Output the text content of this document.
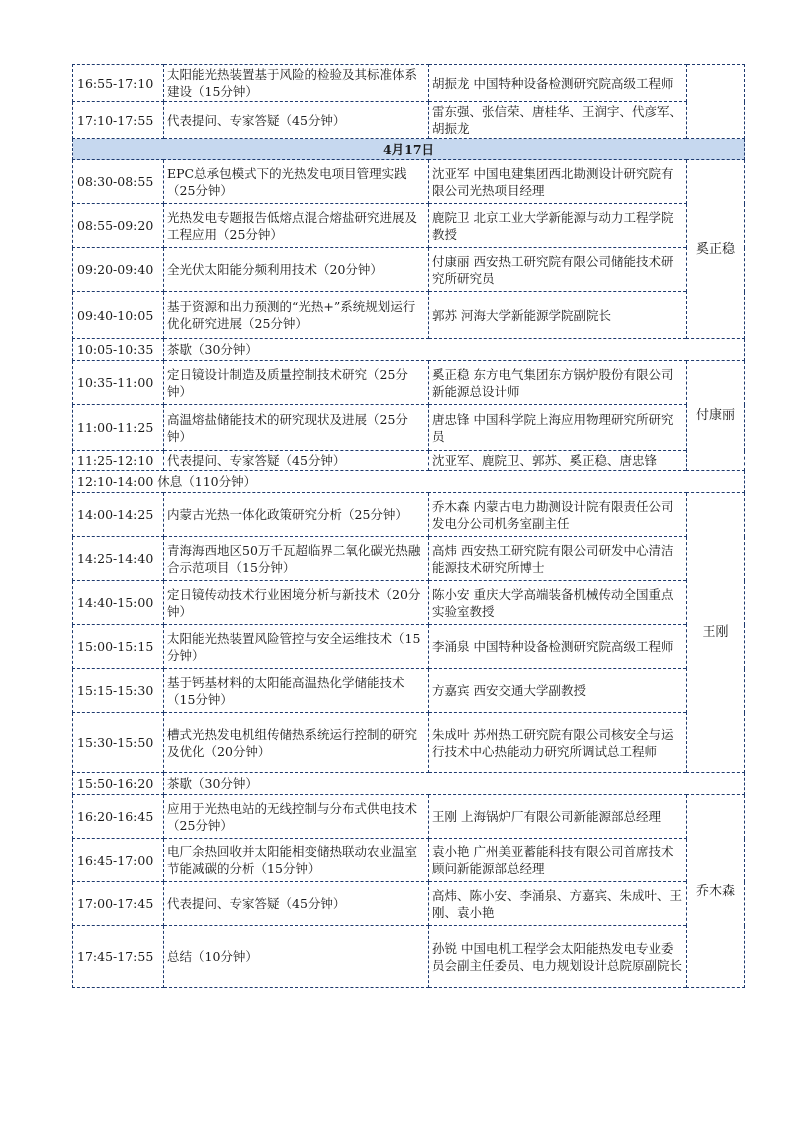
16:55-17:10	太阳能光热装置基于风险的检验及其标准体系建设（15分钟）	胡振龙 中国特种设备检测研究院高级工程师	
17:10-17:55	代表提问、专家答疑（45分钟）	雷东强、张信荣、唐桂华、王润宇、代彦军、胡振龙	
4月17日			
08:30-08:55	EPC总承包模式下的光热发电项目管理实践（25分钟）	沈亚军 中国电建集团西北勘测设计研究院有限公司光热项目经理	奚正稳
08:55-09:20	光热发电专题报告低熔点混合熔盐研究进展及工程应用（25分钟）	鹿院卫 北京工业大学新能源与动力工程学院教授	
09:20-09:40	全光伏太阳能分频利用技术（20分钟）	付康丽 西安热工研究院有限公司储能技术研究所研究员	
09:40-10:05	基于资源和出力预测的“光热+”系统规划运行优化研究进展（25分钟）	郭苏 河海大学新能源学院副院长	
10:05-10:35	茶歇（30分钟）		
10:35-11:00	定日镜设计制造及质量控制技术研究（25分钟）	奚正稳 东方电气集团东方锅炉股份有限公司新能源总设计师	付康丽
11:00-11:25	高温熔盐储能技术的研究现状及进展（25分钟）	唐忠锋 中国科学院上海应用物理研究所研究员	
11:25-12:10	代表提问、专家答疑（45分钟）	沈亚军、鹿院卫、郭苏、奚正稳、唐忠锋	
12:10-14:00 休息（110分钟）			
14:00-14:25	内蒙古光热一体化政策研究分析（25分钟）	乔木森 内蒙古电力勘测设计院有限责任公司发电分公司机务室副主任	王刚
14:25-14:40	青海海西地区50万千瓦超临界二氧化碳光热融合示范项目（15分钟）	高炜 西安热工研究院有限公司研发中心清洁能源技术研究所博士	
14:40-15:00	定日镜传动技术行业困境分析与新技术（20分钟）	陈小安 重庆大学高端装备机械传动全国重点实验室教授	
15:00-15:15	太阳能光热装置风险管控与安全运维技术（15分钟）	李涌泉 中国特种设备检测研究院高级工程师	
15:15-15:30	基于钙基材料的太阳能高温热化学储能技术（15分钟）	方嘉宾 西安交通大学副教授	
15:30-15:50	槽式光热发电机组传储热系统运行控制的研究及优化（20分钟）	朱成叶 苏州热工研究院有限公司核安全与运行技术中心热能动力研究所调试总工程师	
15:50-16:20	茶歇（30分钟）		
16:20-16:45	应用于光热电站的无线控制与分布式供电技术（25分钟）	王刚 上海锅炉厂有限公司新能源部总经理	乔木森
16:45-17:00	电厂余热回收并太阳能相变储热联动农业温室节能减碳的分析（15分钟）	袁小艳 广州美亚蓄能科技有限公司首席技术顾问新能源部总经理	
17:00-17:45	代表提问、专家答疑（45分钟）	高炜、陈小安、李涌泉、方嘉宾、朱成叶、王刚、袁小艳	
17:45-17:55	总结（10分钟）	孙锐 中国电机工程学会太阳能热发电专业委员会副主任委员、电力规划设计总院原副院长	
